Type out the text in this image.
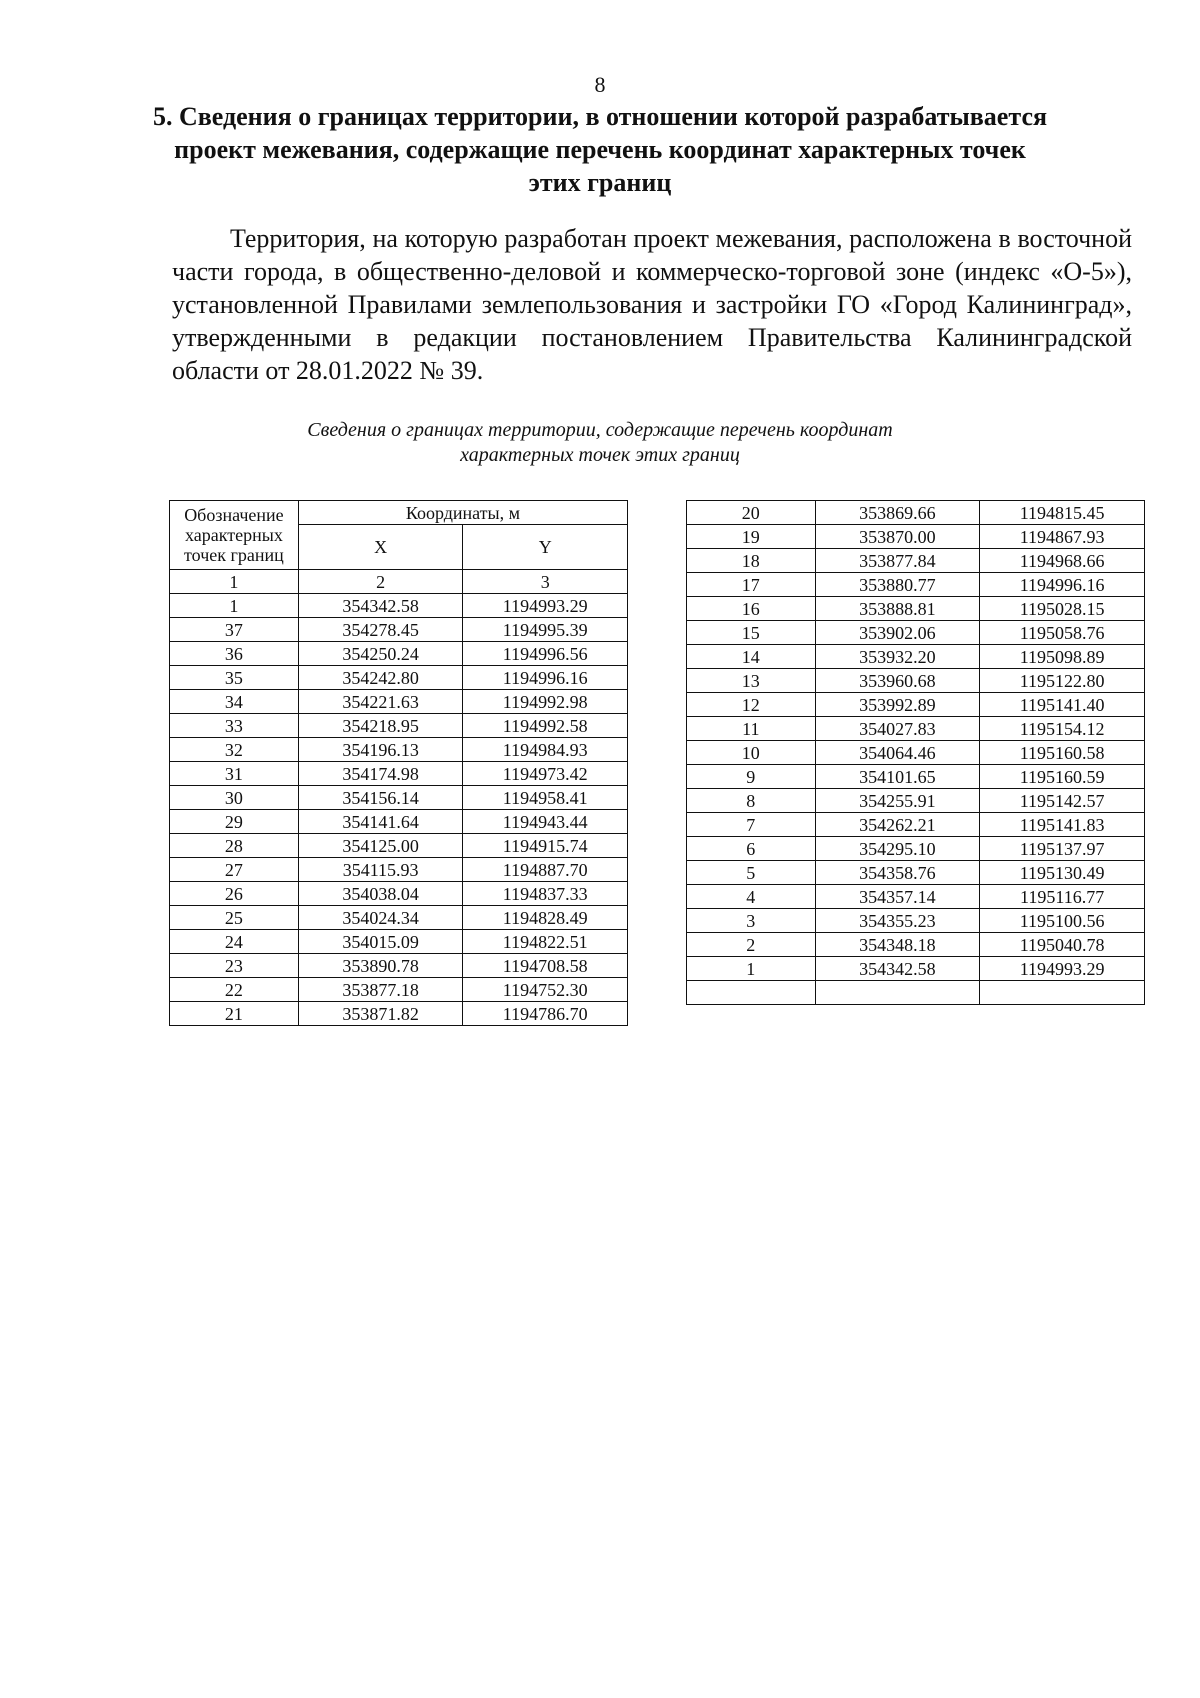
8
5. Сведения о границах территории, в отношении которой разрабатывается проект межевания, содержащие перечень координат характерных точек этих границ
Территория, на которую разработан проект межевания, расположена в восточной части города, в общественно-деловой и коммерческо-торговой зоне (индекс «О-5»), установленной Правилами землепользования и застройки ГО «Город Калининград», утвержденными в редакции постановлением Правительства Калининградской области от 28.01.2022 № 39.
Сведения о границах территории, содержащие перечень координат
характерных точек этих границ
Обозначение
характерных
точек границ	Координаты, м	
	X	Y
1	2	3
1	354342.58	1194993.29
37	354278.45	1194995.39
36	354250.24	1194996.56
35	354242.80	1194996.16
34	354221.63	1194992.98
33	354218.95	1194992.58
32	354196.13	1194984.93
31	354174.98	1194973.42
30	354156.14	1194958.41
29	354141.64	1194943.44
28	354125.00	1194915.74
27	354115.93	1194887.70
26	354038.04	1194837.33
25	354024.34	1194828.49
24	354015.09	1194822.51
23	353890.78	1194708.58
22	353877.18	1194752.30
21	353871.82	1194786.70
20	353869.66	1194815.45
19	353870.00	1194867.93
18	353877.84	1194968.66
17	353880.77	1194996.16
16	353888.81	1195028.15
15	353902.06	1195058.76
14	353932.20	1195098.89
13	353960.68	1195122.80
12	353992.89	1195141.40
11	354027.83	1195154.12
10	354064.46	1195160.58
9	354101.65	1195160.59
8	354255.91	1195142.57
7	354262.21	1195141.83
6	354295.10	1195137.97
5	354358.76	1195130.49
4	354357.14	1195116.77
3	354355.23	1195100.56
2	354348.18	1195040.78
1	354342.58	1194993.29
